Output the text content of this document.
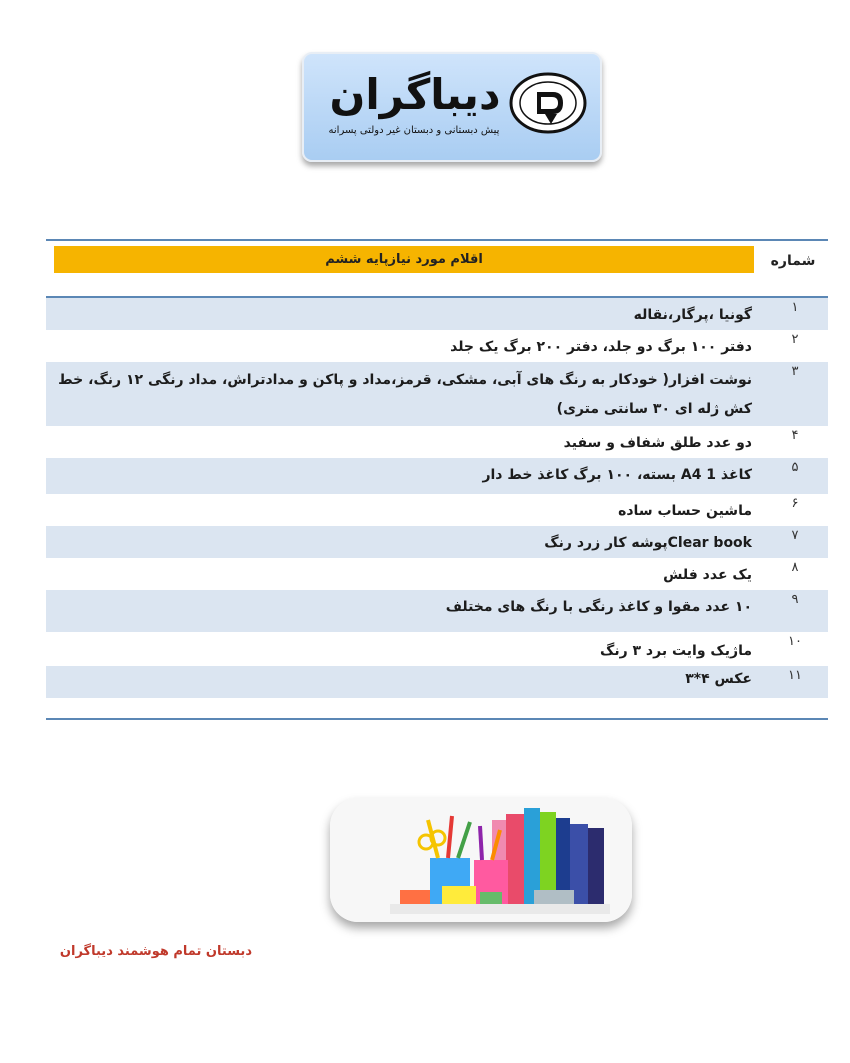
دیباگران
پیش دبستانی و دبستان غیر دولتی پسرانه
شماره
اقلام مورد نیازپایه ششم
۱
گونیا ،پرگار،نقاله
۲
دفتر ۱۰۰ برگ دو جلد، دفتر ۲۰۰ برگ یک جلد
۳
نوشت افزار( خودکار به رنگ های آبی، مشکی، قرمز،مداد و پاکن و مدادتراش، مداد رنگی ۱۲ رنگ، خط کش ژله ای ۳۰ سانتی متری)
۴
دو عدد طلق شفاف و سفید
۵
کاغذ A4 1 بسته، ۱۰۰ برگ کاغذ خط دار
۶
ماشین حساب ساده
۷
Clear bookپوشه کار زرد رنگ
۸
یک عدد فلش
۹
۱۰ عدد مقوا و کاغذ رنگی با رنگ های مختلف
۱۰
ماژیک وایت برد ۳ رنگ
۱۱
عکس ۴*۳
دبستان تمام هوشمند دیباگران
